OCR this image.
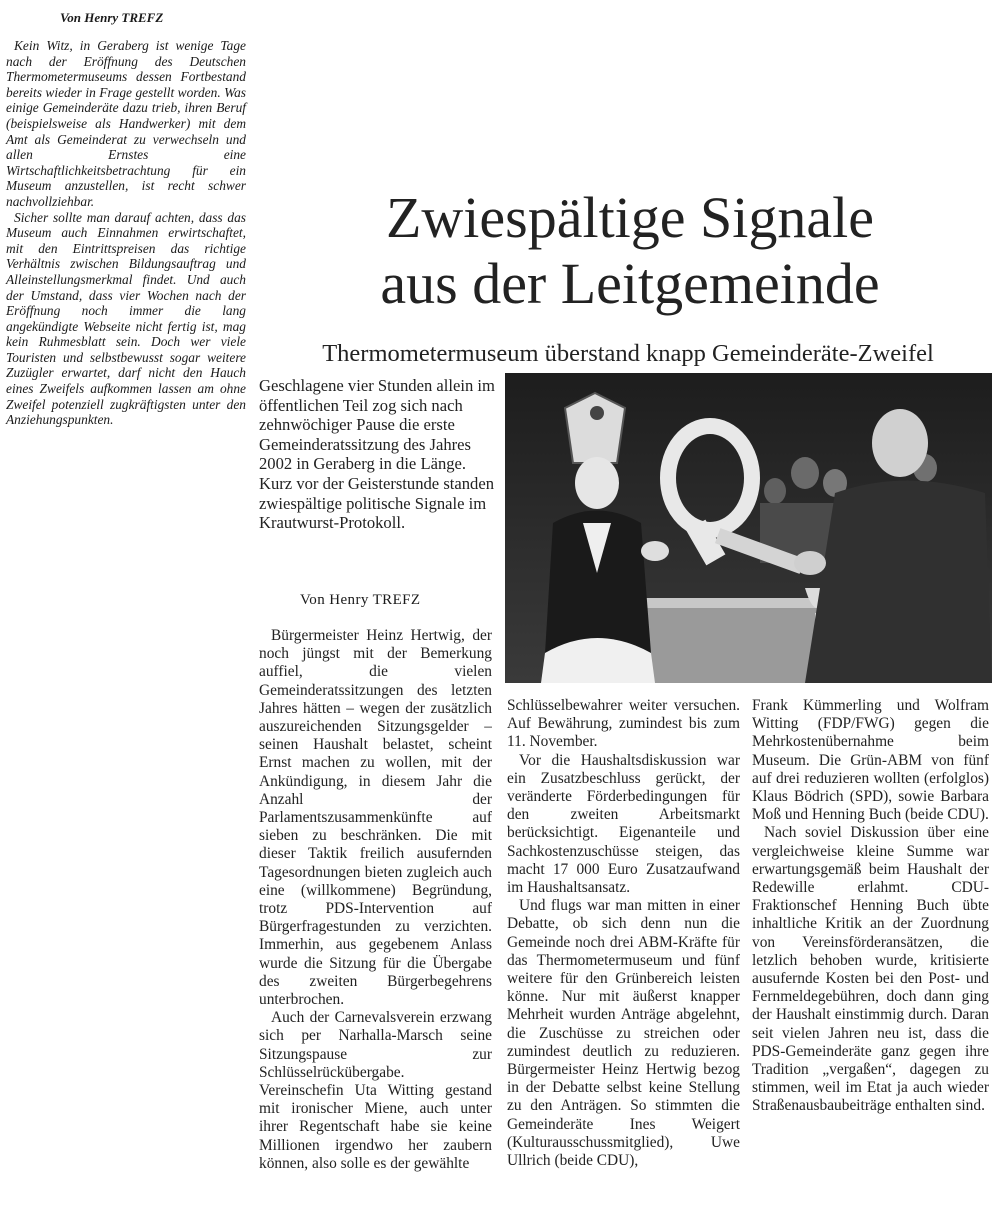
Von Henry TREFZ

Kein Witz, in Geraberg ist wenige Tage nach der Eröffnung des Deutschen Thermometermuseums dessen Fortbestand bereits wieder in Frage gestellt worden. Was einige Gemeinderäte dazu trieb, ihren Beruf (beispielsweise als Handwerker) mit dem Amt als Gemeinderat zu verwechseln und allen Ernstes eine Wirtschaftlichkeitsbetrachtung für ein Museum anzustellen, ist recht schwer nachvollziehbar.

Sicher sollte man darauf achten, dass das Museum auch Einnahmen erwirtschaftet, mit den Eintrittspreisen das richtige Verhältnis zwischen Bildungsauftrag und Alleinstellungsmerkmal findet. Und auch der Umstand, dass vier Wochen nach der Eröffnung noch immer die lang angekündigte Webseite nicht fertig ist, mag kein Ruhmesblatt sein. Doch wer viele Touristen und selbstbewusst sogar weitere Zuzügler erwartet, darf nicht den Hauch eines Zweifels aufkommen lassen am ohne Zweifel potenziell zugkräftigsten unter den Anziehungspunkten.

Zwiespältige Signale
aus der Leitgemeinde
Thermometermuseum überstand knapp Gemeinderäte-Zweifel
Geschlagene vier Stunden allein im öffentlichen Teil zog sich nach zehnwöchiger Pause die erste Gemeinderatssitzung des Jahres 2002 in Geraberg in die Länge. Kurz vor der Geisterstunde standen zwiespältige politische Signale im Krautwurst-Protokoll.
Von Henry TREFZ

Bürgermeister Heinz Hertwig, der noch jüngst mit der Bemerkung auffiel, die vielen Gemeinderatssitzungen des letzten Jahres hätten – wegen der zusätzlich auszureichenden Sitzungsgelder – seinen Haushalt belastet, scheint Ernst machen zu wollen, mit der Ankündigung, in diesem Jahr die Anzahl der Parlamentszusammenkünfte auf sieben zu beschränken. Die mit dieser Taktik freilich ausufernden Tagesordnungen bieten zugleich auch eine (willkommene) Begründung, trotz PDS-Intervention auf Bürgerfragestunden zu verzichten. Immerhin, aus gegebenem Anlass wurde die Sitzung für die Übergabe des zweiten Bürgerbegehrens unterbrochen.

Auch der Carnevalsverein erzwang sich per Narhalla-Marsch seine Sitzungspause zur Schlüsselrückübergabe. Vereinschefin Uta Witting gestand mit ironischer Miene, auch unter ihrer Regentschaft habe sie keine Millionen irgendwo her zaubern können, also solle es der gewählte

Schlüsselbewahrer weiter versuchen. Auf Bewährung, zumindest bis zum 11. November.

Vor die Haushaltsdiskussion war ein Zusatzbeschluss gerückt, der veränderte Förderbedingungen für den zweiten Arbeitsmarkt berücksichtigt. Eigenanteile und Sachkostenzuschüsse steigen, das macht 17 000 Euro Zusatzaufwand im Haushaltsansatz.

Und flugs war man mitten in einer Debatte, ob sich denn nun die Gemeinde noch drei ABM-Kräfte für das Thermometermuseum und fünf weitere für den Grünbereich leisten könne. Nur mit äußerst knapper Mehrheit wurden Anträge abgelehnt, die Zuschüsse zu streichen oder zumindest deutlich zu reduzieren. Bürgermeister Heinz Hertwig bezog in der Debatte selbst keine Stellung zu den Anträgen. So stimmten die Gemeinderäte Ines Weigert (Kulturausschussmitglied), Uwe Ullrich (beide CDU),

Frank Kümmerling und Wolfram Witting (FDP/FWG) gegen die Mehrkostenübernahme beim Museum. Die Grün-ABM von fünf auf drei reduzieren wollten (erfolglos) Klaus Bödrich (SPD), sowie Barbara Moß und Henning Buch (beide CDU).

Nach soviel Diskussion über eine vergleichweise kleine Summe war erwartungsgemäß beim Haushalt der Redewille erlahmt. CDU-Fraktionschef Henning Buch übte inhaltliche Kritik an der Zuordnung von Vereinsförderansätzen, die letzlich behoben wurde, kritisierte ausufernde Kosten bei den Post- und Fernmeldegebühren, doch dann ging der Haushalt einstimmig durch. Daran seit vielen Jahren neu ist, dass die PDS-Gemeinderäte ganz gegen ihre Tradition „vergaßen“, dagegen zu stimmen, weil im Etat ja auch wieder Straßenausbaubeiträge enthalten sind.
